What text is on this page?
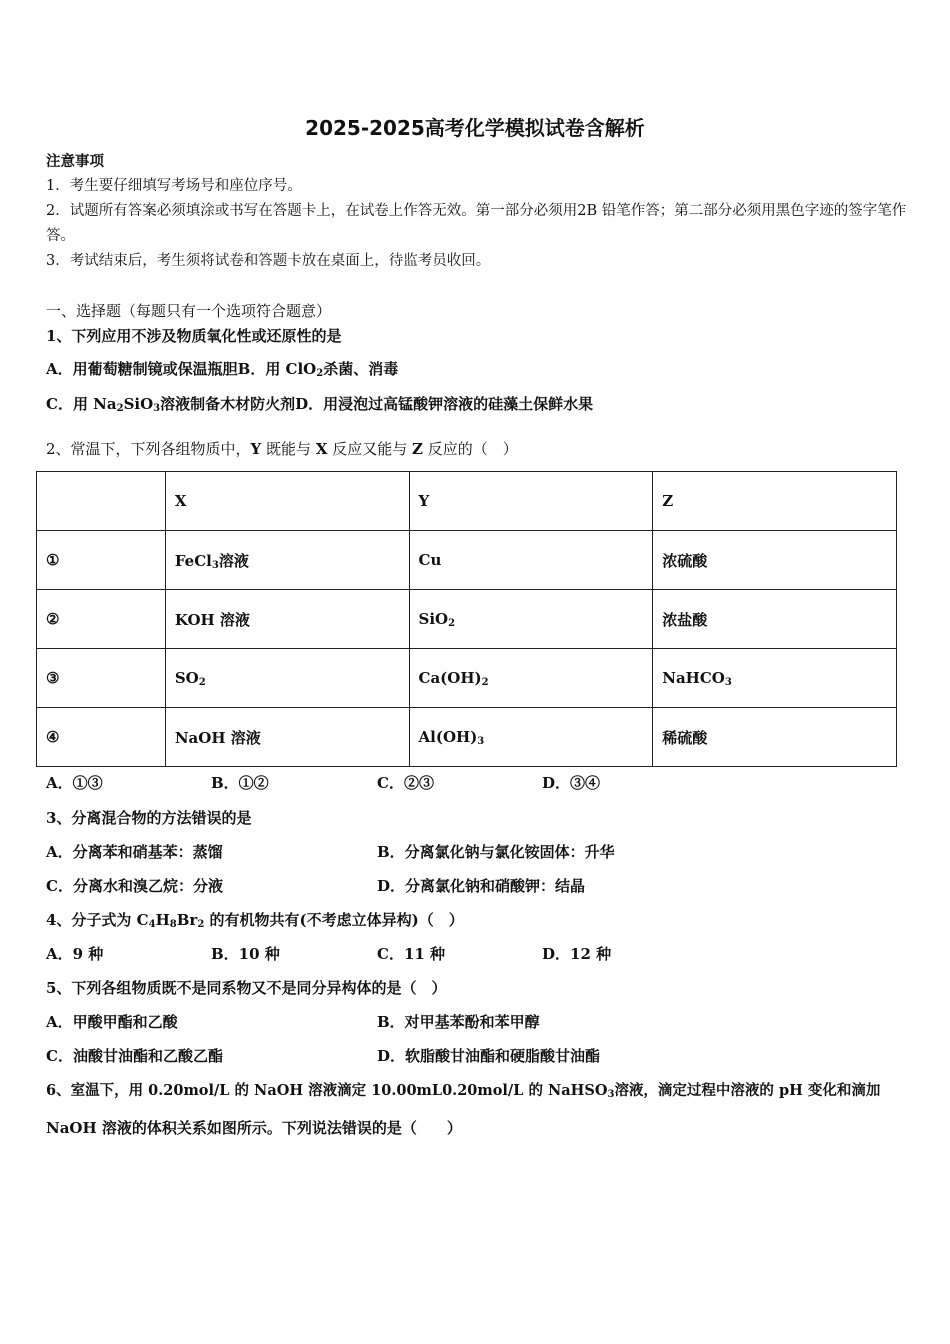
2025-2025高考化学模拟试卷含解析
注意事项
1．考生要仔细填写考场号和座位序号。
2．试题所有答案必须填涂或书写在答题卡上，在试卷上作答无效。第一部分必须用2B 铅笔作答；第二部分必须用黑色字迹的签字笔作答。
3．考试结束后，考生须将试卷和答题卡放在桌面上，待监考员收回。
一、选择题（每题只有一个选项符合题意）
1、下列应用不涉及物质氧化性或还原性的是
A．用葡萄糖制镜或保温瓶胆B．用 ClO$_2$杀菌、消毒
C．用 $Na_2SiO_3$溶液制备木材防火剂D．用浸泡过高锰酸钾溶液的硅藻土保鲜水果
2、常温下，下列各组物质中，Y 既能与 X 反应又能与 Z 反应的（　）
	X	Y	Z
①	FeCl$_3$溶液	Cu	浓硫酸
②	KOH 溶液	SiO$_2$	浓盐酸
③	$SO_2$	$Ca(OH)_2$	NaHCO$_3$
④	NaOH 溶液	$Al(OH)_3$	稀硫酸
A．①③	B．①②	C．②③	D．③④
3、分离混合物的方法错误的是
A．分离苯和硝基苯：蒸馏	B．分离氯化钠与氯化铵固体：升华
C．分离水和溴乙烷：分液	D．分离氯化钠和硝酸钾：结晶
4、分子式为 $C_4H_8Br_2$ 的有机物共有(不考虑立体异构)（　）
A．9 种	B．10 种	C．11 种	D．12 种
5、下列各组物质既不是同系物又不是同分异构体的是（　）
A．甲酸甲酯和乙酸	B．对甲基苯酚和苯甲醇
C．油酸甘油酯和乙酸乙酯	D．软脂酸甘油酯和硬脂酸甘油酯
6、室温下，用 0.20mol/L 的 NaOH 溶液滴定 10.00mL0.20mol/L 的 NaHSO$_3$溶液，滴定过程中溶液的 pH 变化和滴加
NaOH 溶液的体积关系如图所示。下列说法错误的是（　　）
